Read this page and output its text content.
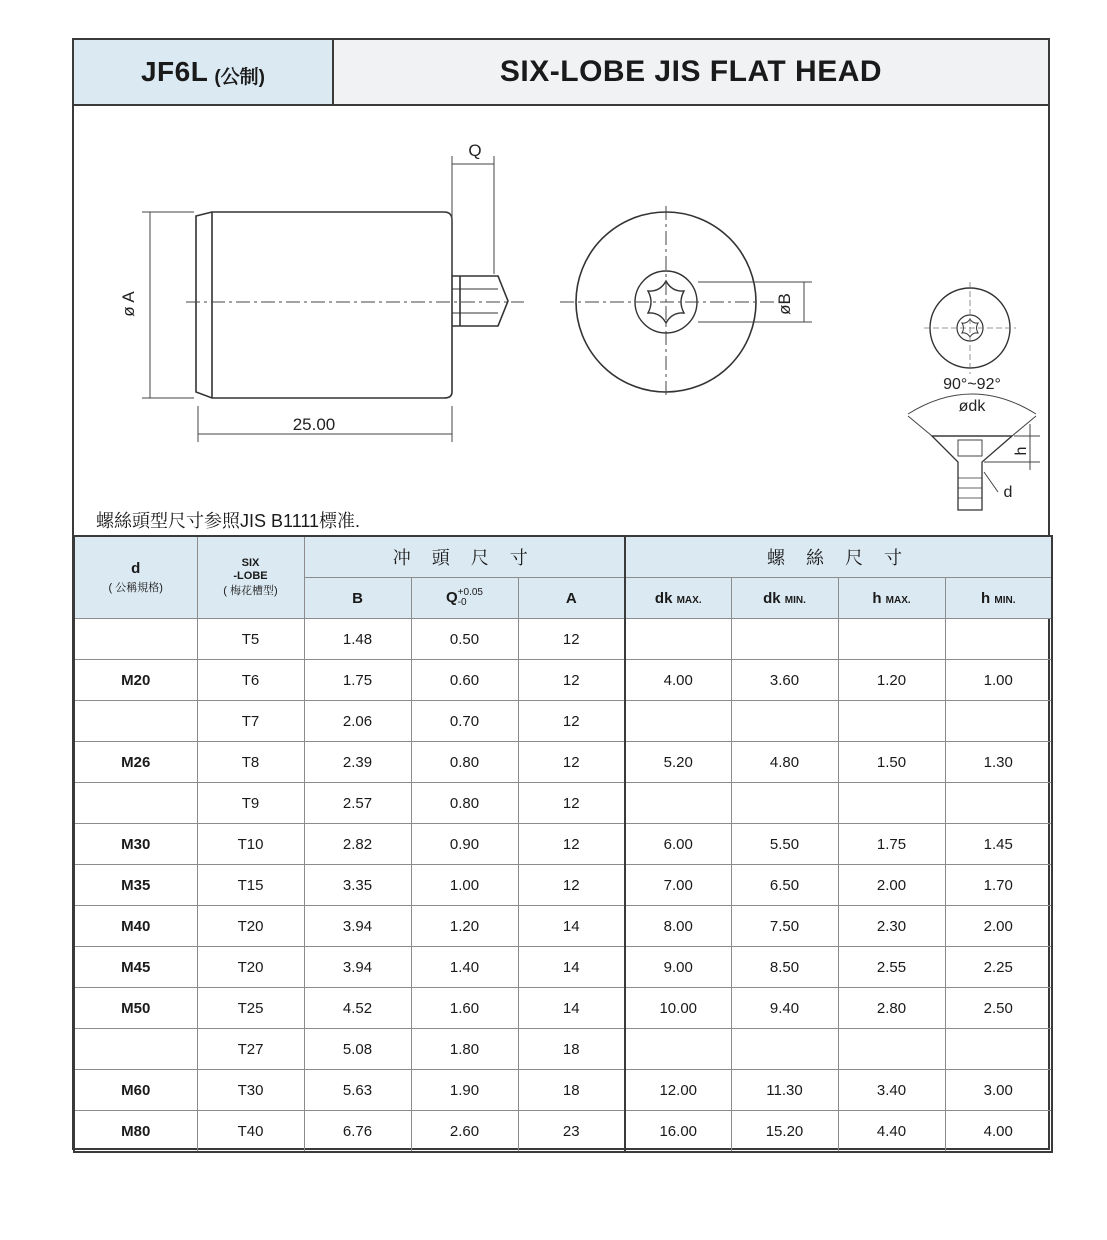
JF6L (公制)	SIX-LOBE JIS FLAT HEAD
Q
ø A
25.00
øB
90°~92°
ødk
h
d
螺絲頭型尺寸参照JIS B1111標准.
d
( 公稱規格)	SIX
-LOBE
( 梅花槽型)	冲 頭 尺 寸			螺 絲 尺 寸			
		B	Q+0.05
-0	A	dk MAX.	dk MIN.	h MAX.	h MIN.
	T5	1.48	0.50	12				
M20	T6	1.75	0.60	12	4.00	3.60	1.20	1.00
	T7	2.06	0.70	12				
M26	T8	2.39	0.80	12	5.20	4.80	1.50	1.30
	T9	2.57	0.80	12				
M30	T10	2.82	0.90	12	6.00	5.50	1.75	1.45
M35	T15	3.35	1.00	12	7.00	6.50	2.00	1.70
M40	T20	3.94	1.20	14	8.00	7.50	2.30	2.00
M45	T20	3.94	1.40	14	9.00	8.50	2.55	2.25
M50	T25	4.52	1.60	14	10.00	9.40	2.80	2.50
	T27	5.08	1.80	18				
M60	T30	5.63	1.90	18	12.00	11.30	3.40	3.00
M80	T40	6.76	2.60	23	16.00	15.20	4.40	4.00
